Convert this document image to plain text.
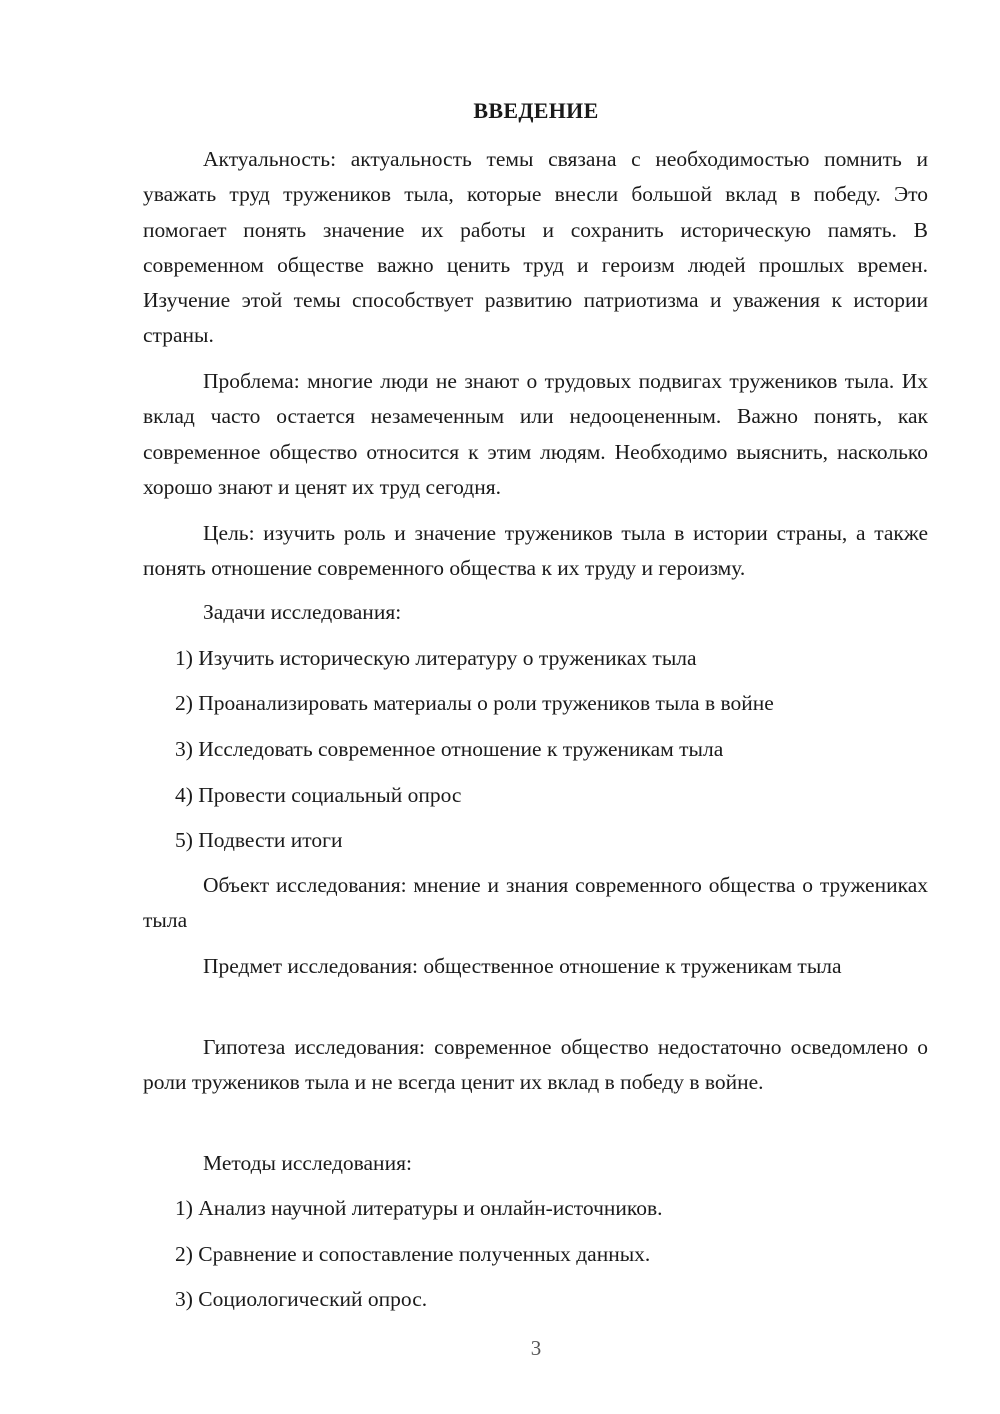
ВВЕДЕНИЕ

Актуальность: актуальность темы связана с необходимостью помнить и уважать труд тружеников тыла, которые внесли большой вклад в победу. Это помогает понять значение их работы и сохранить историческую память. В современном обществе важно ценить труд и героизм людей прошлых времен. Изучение этой темы способствует развитию патриотизма и уважения к истории страны.

Проблема: многие люди не знают о трудовых подвигах тружеников тыла. Их вклад часто остается незамеченным или недооцененным. Важно понять, как современное общество относится к этим людям. Необходимо выяснить, насколько хорошо знают и ценят их труд сегодня.

Цель: изучить роль и значение тружеников тыла в истории страны, а также понять отношение современного общества к их труду и героизму.

Задачи исследования:
1) Изучить историческую литературу о тружениках тыла
2) Проанализировать материалы о роли тружеников тыла в войне
3) Исследовать современное отношение к труженикам тыла
4) Провести социальный опрос
5) Подвести итоги

Объект исследования: мнение и знания современного общества о тружениках тыла

Предмет исследования: общественное отношение к труженикам тыла

Гипотеза исследования: современное общество недостаточно осведомлено о роли тружеников тыла и не всегда ценит их вклад в победу в войне.

Методы исследования:
1) Анализ научной литературы и онлайн-источников.
2) Сравнение и сопоставление полученных данных.
3) Социологический опрос.
3
